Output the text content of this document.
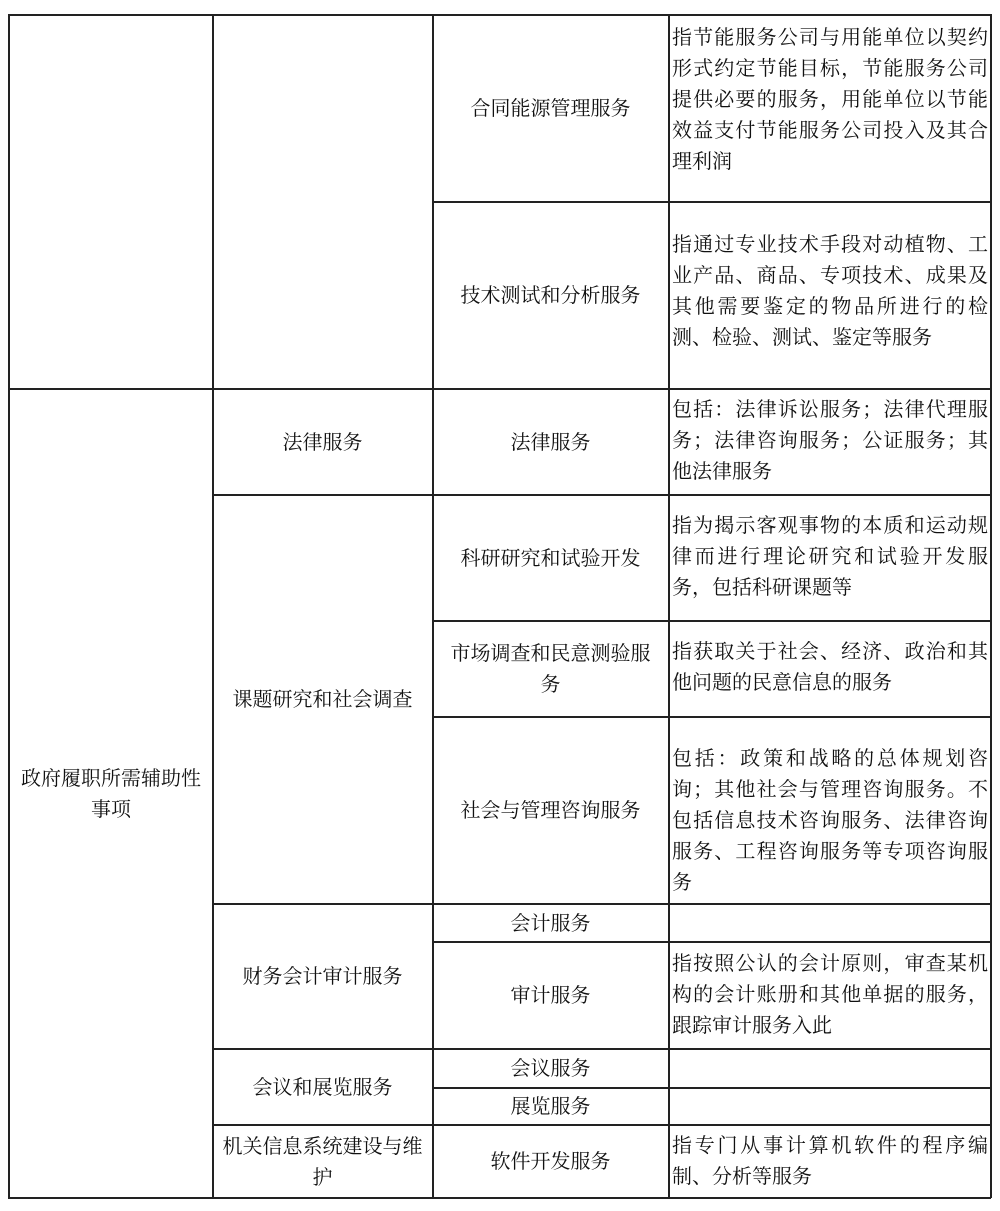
合同能源管理服务
指节能服务公司与用能单位以契约形式约定节能目标，节能服务公司提供必要的服务，用能单位以节能效益支付节能服务公司投入及其合理利润
技术测试和分析服务
指通过专业技术手段对动植物、工业产品、商品、专项技术、成果及其他需要鉴定的物品所进行的检测、检验、测试、鉴定等服务
政府履职所需辅助性事项
法律服务	法律服务
包括：法律诉讼服务；法律代理服务；法律咨询服务；公证服务；其他法律服务
课题研究和社会调查
科研研究和试验开发
指为揭示客观事物的本质和运动规律而进行理论研究和试验开发服务，包括科研课题等
市场调查和民意测验服务
指获取关于社会、经济、政治和其他问题的民意信息的服务
社会与管理咨询服务
包括：政策和战略的总体规划咨询；其他社会与管理咨询服务。不包括信息技术咨询服务、法律咨询服务、工程咨询服务等专项咨询服务
财务会计审计服务
会计服务
审计服务
指按照公认的会计原则，审查某机构的会计账册和其他单据的服务，跟踪审计服务入此
会议和展览服务
会议服务
展览服务
机关信息系统建设与维护
软件开发服务
指专门从事计算机软件的程序编制、分析等服务
